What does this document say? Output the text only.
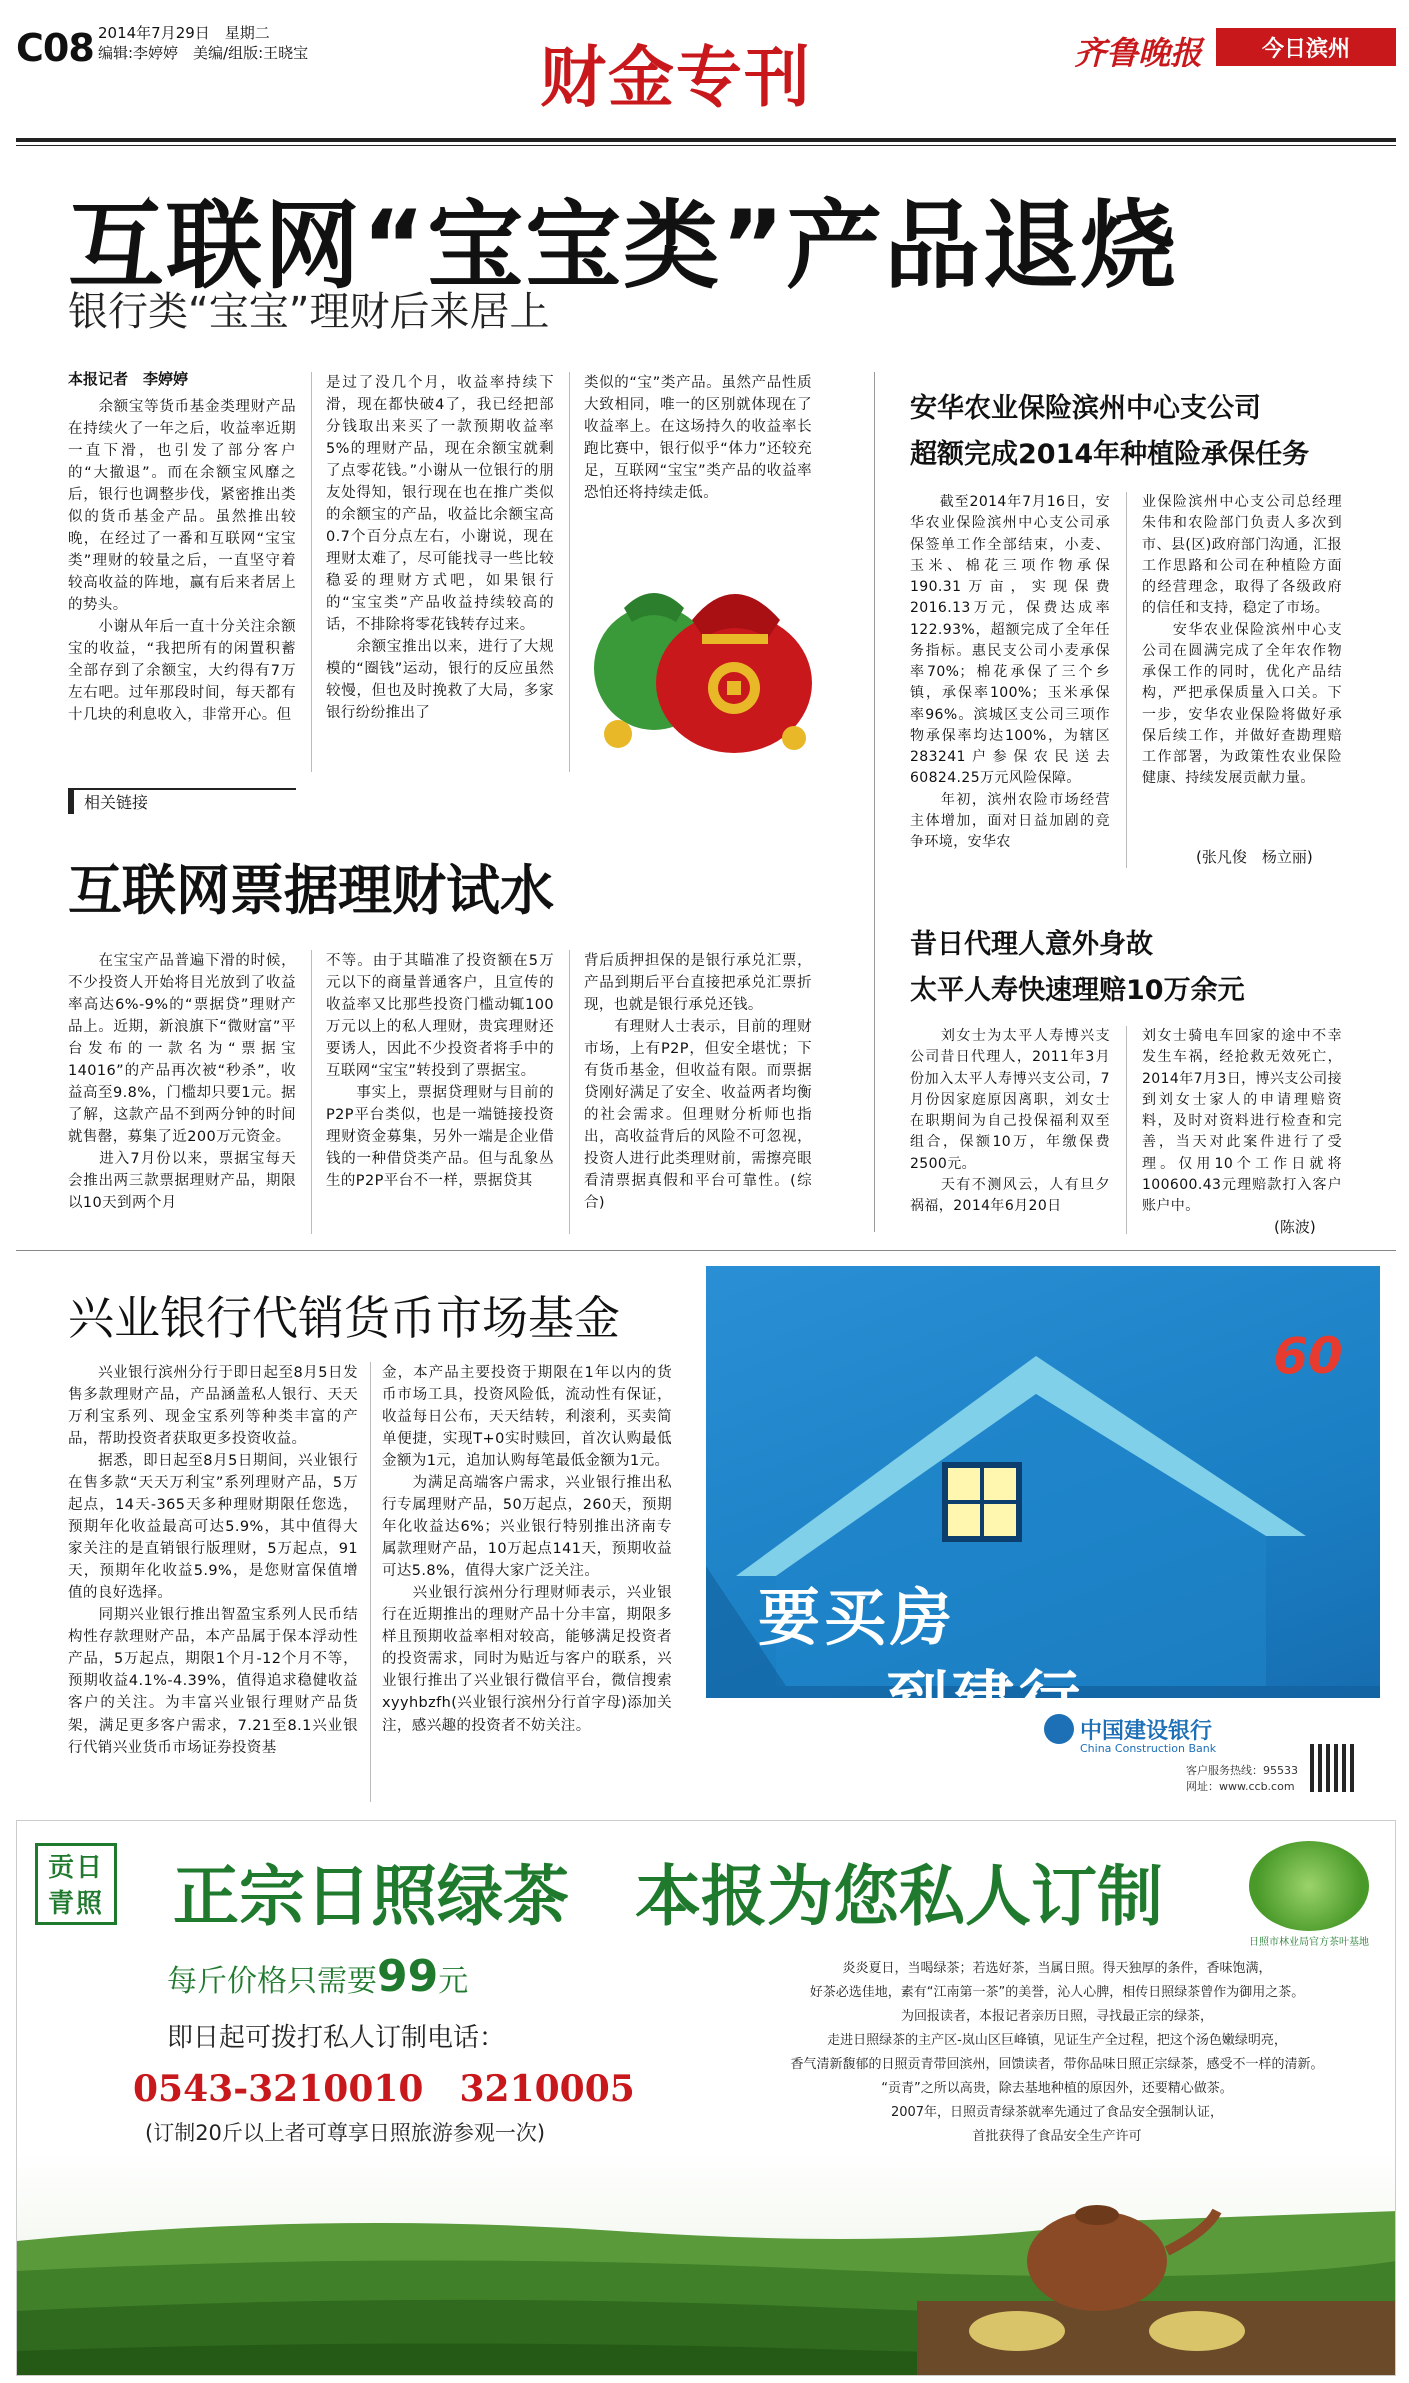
C08 2014年7月29日　星期二
编辑:李婷婷　美编/组版:王晓宝	财金专刊	齐鲁晚报	今日滨州
互联网“宝宝类”产品退烧
银行类“宝宝”理财后来居上
本报记者　李婷婷
　　余额宝等货币基金类理财产品在持续火了一年之后，收益率近期一直下滑，也引发了部分客户的“大撤退”。而在余额宝风靡之后，银行也调整步伐，紧密推出类似的货币基金产品。虽然推出较晚，在经过了一番和互联网“宝宝类”理财的较量之后，一直坚守着较高收益的阵地，赢有后来者居上的势头。
　　小谢从年后一直十分关注余额宝的收益，“我把所有的闲置积蓄全部存到了余额宝，大约得有7万左右吧。过年那段时间，每天都有十几块的利息收入，非常开心。但
是过了没几个月，收益率持续下滑，现在都快破4了，我已经把部分钱取出来买了一款预期收益率5%的理财产品，现在余额宝就剩了点零花钱。”小谢从一位银行的朋友处得知，银行现在也在推广类似的余额宝的产品，收益比余额宝高0.7个百分点左右，小谢说，现在理财太难了，尽可能找寻一些比较稳妥的理财方式吧，如果银行的“宝宝类”产品收益持续较高的话，不排除将零花钱转存过来。
　　余额宝推出以来，进行了大规模的“圈钱”运动，银行的反应虽然较慢，但也及时挽救了大局，多家银行纷纷推出了
类似的“宝”类产品。虽然产品性质大致相同，唯一的区别就体现在了收益率上。在这场持久的收益率长跑比赛中，银行似乎“体力”还较充足，互联网“宝宝”类产品的收益率恐怕还将持续走低。
相关链接
互联网票据理财试水
　　在宝宝产品普遍下滑的时候，不少投资人开始将目光放到了收益率高达6%-9%的“票据贷”理财产品上。近期，新浪旗下“微财富”平台发布的一款名为“票据宝14016”的产品再次被“秒杀”，收益高至9.8%，门槛却只要1元。据了解，这款产品不到两分钟的时间就售罄，募集了近200万元资金。
　　进入7月份以来，票据宝每天会推出两三款票据理财产品，期限以10天到两个月
不等。由于其瞄准了投资额在5万元以下的商量普通客户，且宣传的收益率又比那些投资门槛动辄100万元以上的私人理财，贵宾理财还要诱人，因此不少投资者将手中的互联网“宝宝”转投到了票据宝。
　　事实上，票据贷理财与目前的P2P平台类似，也是一端链接投资理财资金募集，另外一端是企业借钱的一种借贷类产品。但与乱象丛生的P2P平台不一样，票据贷其
背后质押担保的是银行承兑汇票，产品到期后平台直接把承兑汇票折现，也就是银行承兑还钱。
　　有理财人士表示，目前的理财市场，上有P2P，但安全堪忧；下有货币基金，但收益有限。而票据贷刚好满足了安全、收益两者均衡的社会需求。但理财分析师也指出，高收益背后的风险不可忽视，投资人进行此类理财前，需擦亮眼看清票据真假和平台可靠性。(综合)
安华农业保险滨州中心支公司
超额完成2014年种植险承保任务
　　截至2014年7月16日，安华农业保险滨州中心支公司承保签单工作全部结束，小麦、玉米、棉花三项作物承保190.31万亩，实现保费2016.13万元，保费达成率122.93%，超额完成了全年任务指标。惠民支公司小麦承保率70%；棉花承保了三个乡镇，承保率100%；玉米承保率96%。滨城区支公司三项作物承保率均达100%，为辖区283241户参保农民送去60824.25万元风险保障。
　　年初，滨州农险市场经营主体增加，面对日益加剧的竞争环境，安华农
业保险滨州中心支公司总经理朱伟和农险部门负责人多次到市、县(区)政府部门沟通，汇报工作思路和公司在种植险方面的经营理念，取得了各级政府的信任和支持，稳定了市场。
　　安华农业保险滨州中心支公司在圆满完成了全年农作物承保工作的同时，优化产品结构，严把承保质量入口关。下一步，安华农业保险将做好承保后续工作，并做好查勘理赔工作部署，为政策性农业保险健康、持续发展贡献力量。
(张凡俊　杨立丽)
昔日代理人意外身故
太平人寿快速理赔10万余元
　　刘女士为太平人寿博兴支公司昔日代理人，2011年3月份加入太平人寿博兴支公司，7月份因家庭原因离职，刘女士在职期间为自己投保福利双至组合，保额10万，年缴保费2500元。
　　天有不测风云，人有旦夕祸福，2014年6月20日
刘女士骑电车回家的途中不幸发生车祸，经抢救无效死亡，2014年7月3日，博兴支公司接到刘女士家人的申请理赔资料，及时对资料进行检查和完善，当天对此案件进行了受理。仅用10个工作日就将100600.43元理赔款打入客户账户中。
(陈波)
兴业银行代销货币市场基金
　　兴业银行滨州分行于即日起至8月5日发售多款理财产品，产品涵盖私人银行、天天万利宝系列、现金宝系列等种类丰富的产品，帮助投资者获取更多投资收益。
　　据悉，即日起至8月5日期间，兴业银行在售多款“天天万利宝”系列理财产品，5万起点，14天-365天多种理财期限任您选，预期年化收益最高可达5.9%，其中值得大家关注的是直销银行版理财，5万起点，91天，预期年化收益5.9%，是您财富保值增值的良好选择。
　　同期兴业银行推出智盈宝系列人民币结构性存款理财产品，本产品属于保本浮动性产品，5万起点，期限1个月-12个月不等，预期收益4.1%-4.39%，值得追求稳健收益客户的关注。为丰富兴业银行理财产品货架，满足更多客户需求，7.21至8.1兴业银行代销兴业货币市场证券投资基
金，本产品主要投资于期限在1年以内的货币市场工具，投资风险低，流动性有保证，收益每日公布，天天结转，利滚利，买卖简单便捷，实现T+0实时赎回，首次认购最低金额为1元，追加认购每笔最低金额为1元。
　　为满足高端客户需求，兴业银行推出私行专属理财产品，50万起点，260天，预期年化收益达6%；兴业银行特别推出济南专属款理财产品，10万起点141天，预期收益可达5.8%，值得大家广泛关注。
　　兴业银行滨州分行理财师表示，兴业银行在近期推出的理财产品十分丰富，期限多样且预期收益率相对较高，能够满足投资者的投资需求，同时为贴近与客户的联系，兴业银行推出了兴业银行微信平台，微信搜索xyyhbzfh(兴业银行滨州分行首字母)添加关注，感兴趣的投资者不妨关注。
60
要买房
中国建设银行
China Construction Bank
客户服务热线：95533
网址：www.ccb.com
贡日青照 正宗日照绿茶　本报为您私人订制
日照市林业局官方茶叶基地
每斤价格只需要99元
即日起可拨打私人订制电话：
0543-3210010　3210005
(订制20斤以上者可尊享日照旅游参观一次)
炎炎夏日，当喝绿茶；若选好茶，当属日照。得天独厚的条件，香味饱满，
好茶必选佳地，素有“江南第一茶”的美誉，沁人心脾，相传日照绿茶曾作为御用之茶。
为回报读者，本报记者亲历日照，寻找最正宗的绿茶，
走进日照绿茶的主产区-岚山区巨峰镇，见证生产全过程，把这个汤色嫩绿明亮，
香气清新馥郁的日照贡青带回滨州，回馈读者，带你品味日照正宗绿茶，感受不一样的清新。
“贡青”之所以高贵，除去基地种植的原因外，还要精心做茶。
2007年，日照贡青绿茶就率先通过了食品安全强制认证，
首批获得了食品安全生产许可
